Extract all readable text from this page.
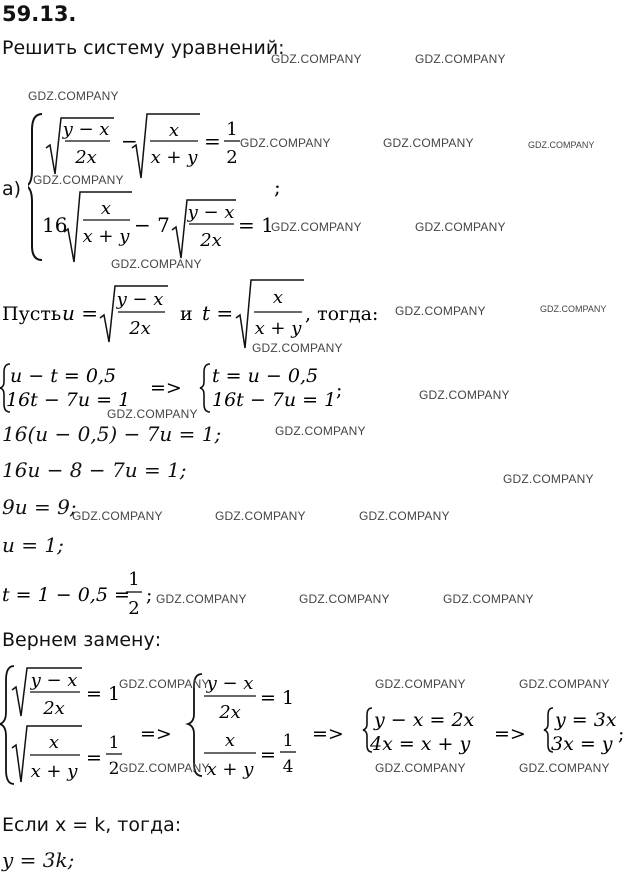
59.13.
Решить систему уравнений:
а)
y − x
2x
− x
x + y
= 1
2
;
16
x
x + y − 7
y − x
2x
= 1
Пусть u =
y − x
2x
и t =
x
x + y
, тогда:
u − t = 0,5
16t − 7u = 1
=>
t = u − 0,5
16t − 7u = 1 ;
16(u − 0,5) − 7u = 1;
16u − 8 − 7u = 1;
9u = 9;
u = 1;
t = 1 − 0,5 =
1
2
;
Вернем замену:
y − x
2x
= 1
x
x + y
=
1
2
=>
y − x
2x
= 1
x
x + y
=
1
4
=>
y − x = 2x
4x = x + y =>
y = 3x
3x = y ;
Если x = k, тогда:
y = 3k;
GDZ.COMPANY	GDZ.COMPANY
GDZ.COMPANY
GDZ.COMPANY	GDZ.COMPANY	GDZ.COMPANY
GDZ.COMPANY
GDZ.COMPANY	GDZ.COMPANY
GDZ.COMPANY
GDZ.COMPANY	GDZ.COMPANY
GDZ.COMPANY
GDZ.COMPANY
GDZ.COMPANY
GDZ.COMPANY
GDZ.COMPANY
GDZ.COMPANY	GDZ.COMPANY	GDZ.COMPANY
GDZ.COMPANY	GDZ.COMPANY	GDZ.COMPANY
GDZ.COMPANY	GDZ.COMPANY	GDZ.COMPANY
GDZ.COMPANY	GDZ.COMPANY	GDZ.COMPANY
